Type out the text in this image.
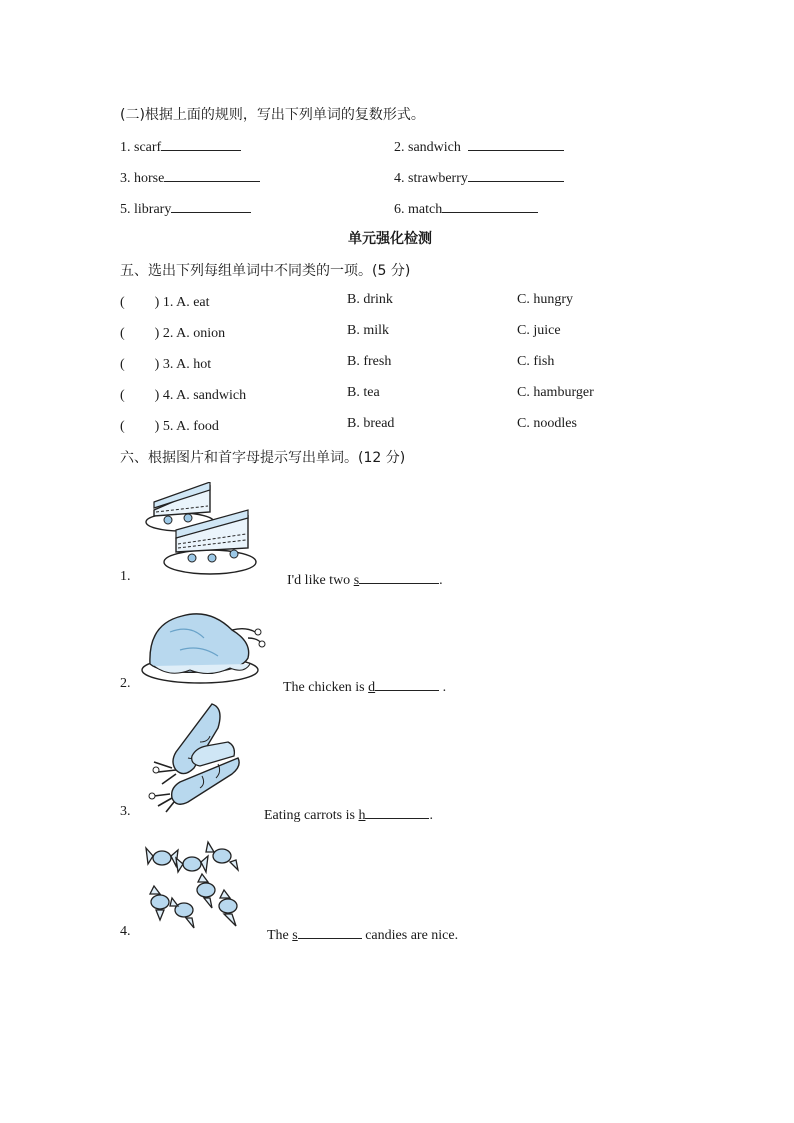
(二)根据上面的规则，写出下列单词的复数形式。
1. scarf	2. sandwich
3. horse	4. strawberry
5. library	6. match
单元强化检测
五、选出下列每组单词中不同类的一项。(5 分)
( ) 1. A. eat	B. drink	C. hungry
( ) 2. A. onion	B. milk	C. juice
( ) 3. A. hot	B. fresh	C. fish
( ) 4. A. sandwich	B. tea	C. hamburger
( ) 5. A. food	B. bread	C. noodles
六、根据图片和首字母提示写出单词。(12 分)
1.	I'd like two s	.
2.	The chicken is d	.
3.	Eating carrots is h	.
4.	The s	candies are nice.
